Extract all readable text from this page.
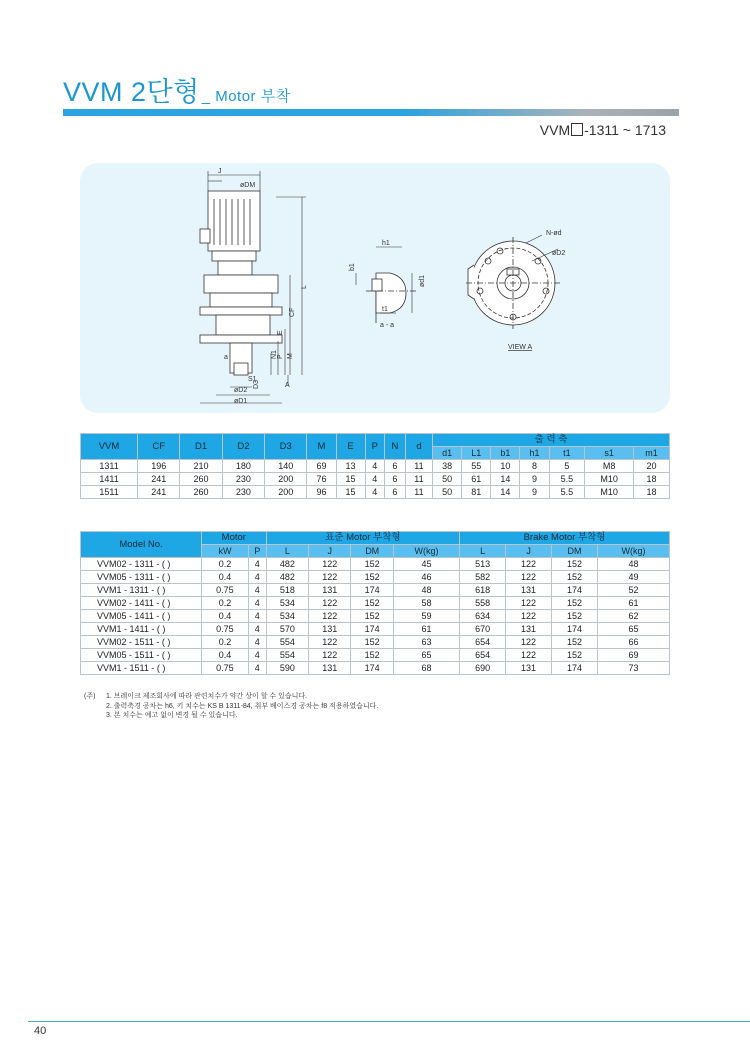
VVM 2단형 _ Motor 부착
VVM -1311 ~ 1713
J
øDM
L
CF
E
P M
N1
a
S1
øD2
D3
øD1
A
h1
b1
ød1
t1
a - a
N-ød
øD2
VIEW A
VVM	CF	D1	D2	D3	M	E	P	N	d	출 력 축						
										d1	L1	b1	h1	t1	s1	m1
1311	196	210	180	140	69	13	4	6	11	38	55	10	8	5	M8	20
1411	241	260	230	200	76	15	4	6	11	50	61	14	9	5.5	M10	18
1511	241	260	230	200	96	15	4	6	11	50	81	14	9	5.5	M10	18
Model No.	Motor		표준 Motor 부착형				Brake Motor 부착형			
	kW	P	L	J	DM	W(kg)	L	J	DM	W(kg)
VVM02 - 1311 - ( )	0.2	4	482	122	152	45	513	122	152	48
VVM05 - 1311 - ( )	0.4	4	482	122	152	46	582	122	152	49
VVM1 - 1311 - ( )	0.75	4	518	131	174	48	618	131	174	52
VVM02 - 1411 - ( )	0.2	4	534	122	152	58	558	122	152	61
VVM05 - 1411 - ( )	0.4	4	534	122	152	59	634	122	152	62
VVM1 - 1411 - ( )	0.75	4	570	131	174	61	670	131	174	65
VVM02 - 1511 - ( )	0.2	4	554	122	152	63	654	122	152	66
VVM05 - 1511 - ( )	0.4	4	554	122	152	65	654	122	152	69
VVM1 - 1511 - ( )	0.75	4	590	131	174	68	690	131	174	73
(주) 1. 브레이크 제조회사에 따라 관련치수가 약간 상이 할 수 있습니다.
2. 출력축경 공차는 h6, 키 치수는 KS B 1311-84, 취부 베이스경 공차는 f8 적용하였습니다.
3. 본 치수는 예고 없이 변경 될 수 있습니다.
40
